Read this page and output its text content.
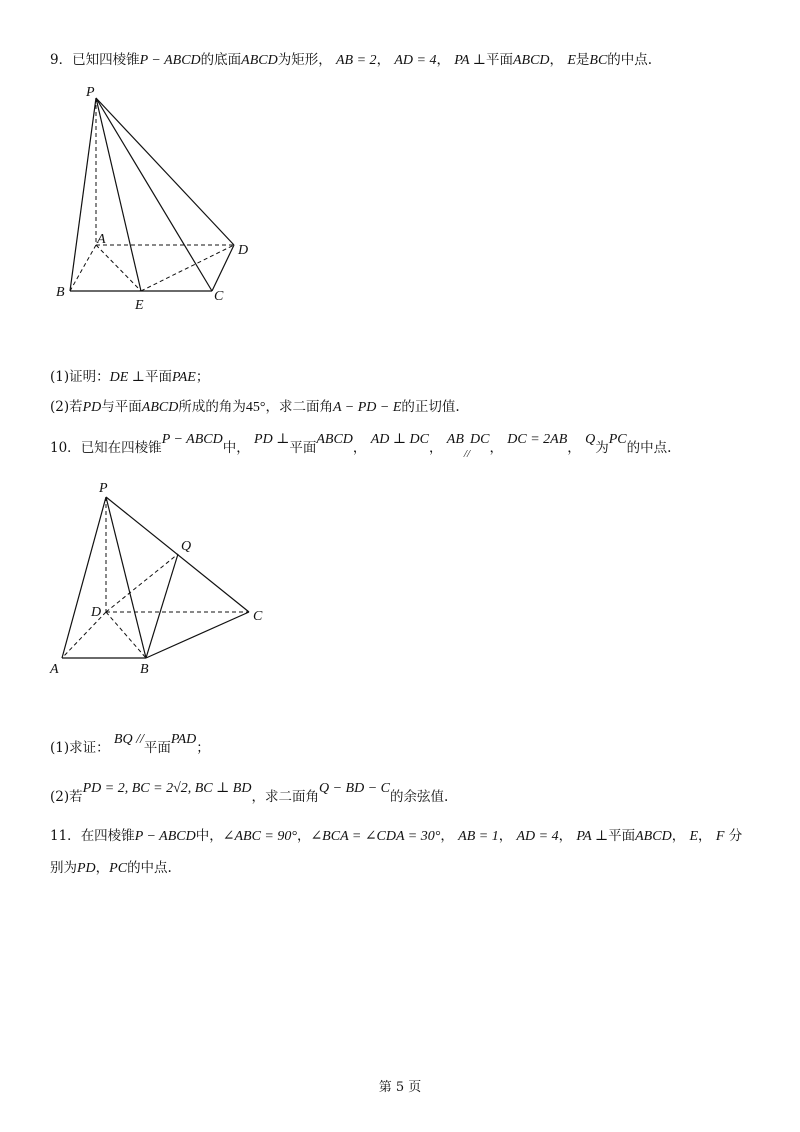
9．已知四棱锥P − ABCD的底面ABCD为矩形， AB = 2， AD = 4， PA ⊥平面ABCD， E是BC的中点.
P
A
B	C
D
E
(1)证明：DE ⊥平面PAE；
(2)若PD与平面ABCD所成的角为45°，求二面角A − PD − E的正切值.
10．已知在四棱锥P − ABCD中， PD ⊥平面ABCD， AD ⊥ DC， $AB_{//}DC$， DC = 2AB， Q为PC的中点.
P
Q
D	C
A	B
(1)求证： BQ //平面PAD；
(2)若PD = 2, BC = 2√2, BC ⊥ BD，求二面角Q − BD − C的余弦值.
11．在四棱锥P − ABCD中，∠ABC = 90°，∠BCA = ∠CDA = 30°， AB = 1， AD = 4， PA ⊥平面ABCD， E， F 分
别为PD，PC的中点.
第 5 页
